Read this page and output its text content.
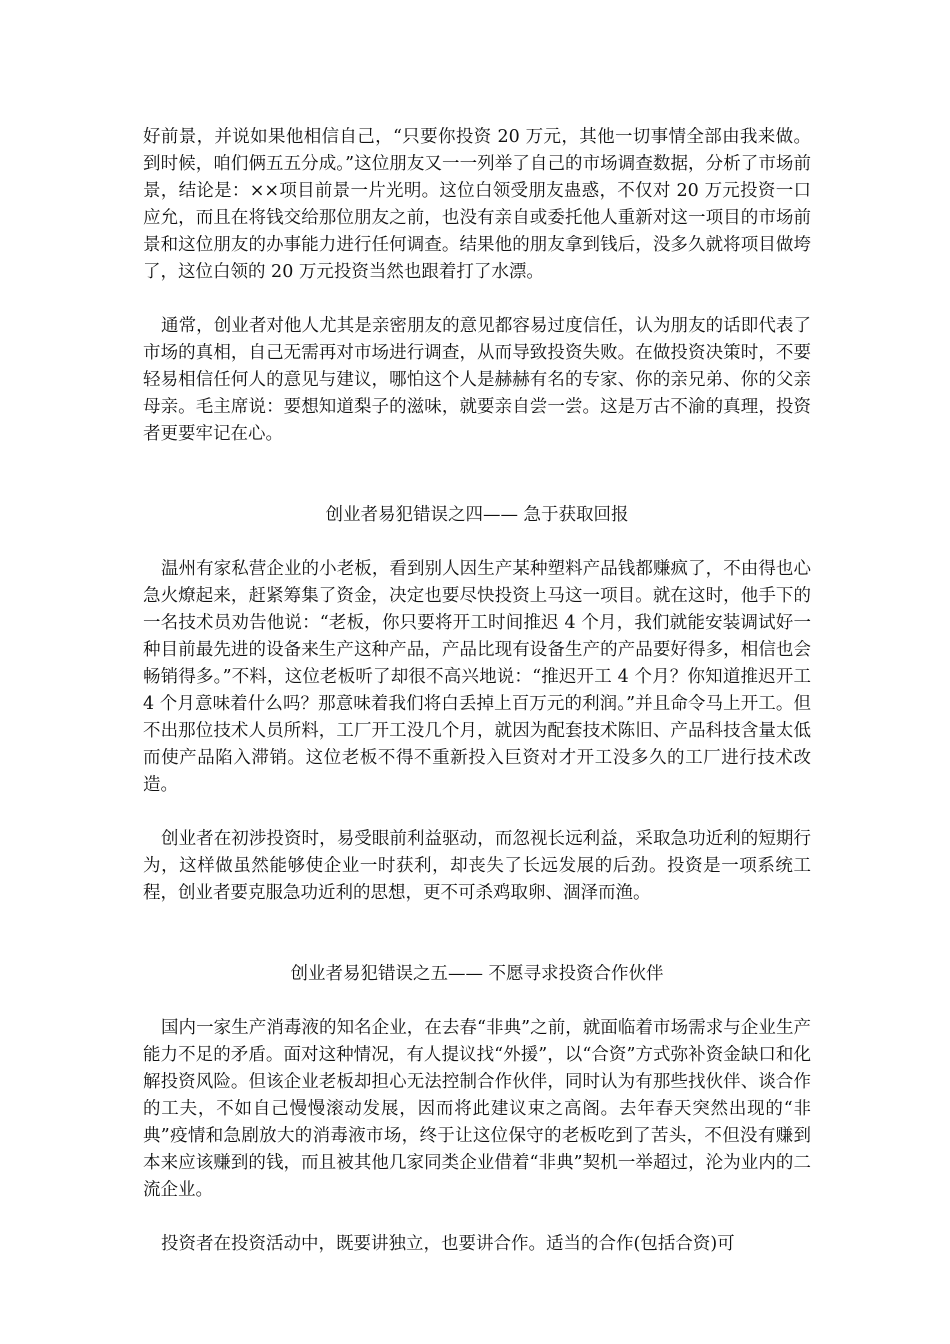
好前景，并说如果他相信自己，“只要你投资 20 万元，其他一切事情全部由我来做。到时候，咱们俩五五分成。”这位朋友又一一列举了自己的市场调查数据，分析了市场前景，结论是：××项目前景一片光明。这位白领受朋友蛊惑，不仅对 20 万元投资一口应允，而且在将钱交给那位朋友之前，也没有亲自或委托他人重新对这一项目的市场前景和这位朋友的办事能力进行任何调查。结果他的朋友拿到钱后，没多久就将项目做垮了，这位白领的 20 万元投资当然也跟着打了水漂。

通常，创业者对他人尤其是亲密朋友的意见都容易过度信任，认为朋友的话即代表了市场的真相，自己无需再对市场进行调查，从而导致投资失败。在做投资决策时，不要轻易相信任何人的意见与建议，哪怕这个人是赫赫有名的专家、你的亲兄弟、你的父亲母亲。毛主席说：要想知道梨子的滋味，就要亲自尝一尝。这是万古不渝的真理，投资者更要牢记在心。

创业者易犯错误之四—— 急于获取回报

温州有家私营企业的小老板，看到别人因生产某种塑料产品钱都赚疯了，不由得也心急火燎起来，赶紧筹集了资金，决定也要尽快投资上马这一项目。就在这时，他手下的一名技术员劝告他说：“老板，你只要将开工时间推迟 4 个月，我们就能安装调试好一种目前最先进的设备来生产这种产品，产品比现有设备生产的产品要好得多，相信也会畅销得多。”不料，这位老板听了却很不高兴地说：“推迟开工 4 个月？你知道推迟开工 4 个月意味着什么吗？那意味着我们将白丢掉上百万元的利润。”并且命令马上开工。但不出那位技术人员所料，工厂开工没几个月，就因为配套技术陈旧、产品科技含量太低而使产品陷入滞销。这位老板不得不重新投入巨资对才开工没多久的工厂进行技术改造。

创业者在初涉投资时，易受眼前利益驱动，而忽视长远利益，采取急功近利的短期行为，这样做虽然能够使企业一时获利，却丧失了长远发展的后劲。投资是一项系统工程，创业者要克服急功近利的思想，更不可杀鸡取卵、涸泽而渔。

创业者易犯错误之五—— 不愿寻求投资合作伙伴

国内一家生产消毒液的知名企业，在去春“非典”之前，就面临着市场需求与企业生产能力不足的矛盾。面对这种情况，有人提议找“外援”，以“合资”方式弥补资金缺口和化解投资风险。但该企业老板却担心无法控制合作伙伴，同时认为有那些找伙伴、谈合作的工夫，不如自己慢慢滚动发展，因而将此建议束之高阁。去年春天突然出现的“非典”疫情和急剧放大的消毒液市场，终于让这位保守的老板吃到了苦头，不但没有赚到本来应该赚到的钱，而且被其他几家同类企业借着“非典”契机一举超过，沦为业内的二流企业。

投资者在投资活动中，既要讲独立，也要讲合作。适当的合作(包括合资)可
